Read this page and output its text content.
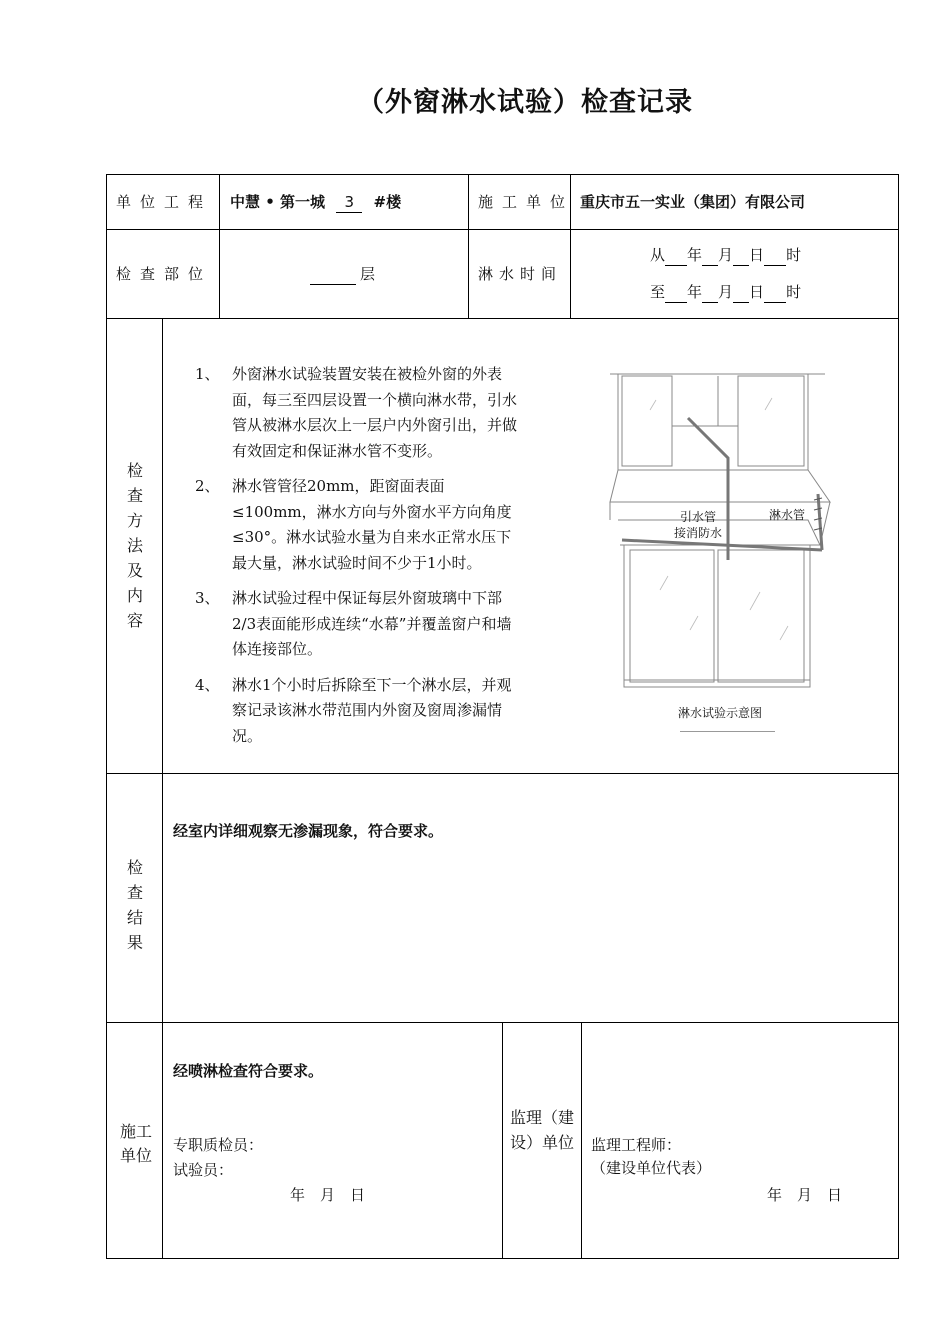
（外窗淋水试验）检查记录
单位工程 中慧 • 第一城 3 #楼	施工单位 重庆市五一实业（集团）有限公司
检查部位	层	淋水时间
从 年 月 日 时
至 年 月 日 时
检查方法及内容
1、 外窗淋水试验装置安装在被检外窗的外表面，每三至四层设置一个横向淋水带，引水管从被淋水层次上一层户内外窗引出，并做有效固定和保证淋水管不变形。
2、 淋水管管径20mm，距窗面表面≤100mm，淋水方向与外窗水平方向角度≤30°。淋水试验水量为自来水正常水压下最大量，淋水试验时间不少于1小时。
3、 淋水试验过程中保证每层外窗玻璃中下部2/3表面能形成连续“水幕”并覆盖窗户和墙体连接部位。
4、 淋水1个小时后拆除至下一个淋水层，并观察记录该淋水带范围内外窗及窗周渗漏情况。
引水管
接消防水
淋水管
淋水试验示意图
检查结果
经室内详细观察无渗漏现象，符合要求。
施工单位
经喷淋检查符合要求。
专职质检员：
试验员：
年　月　日
监理（建设）单位 监理工程师：
（建设单位代表）
年　月　日
